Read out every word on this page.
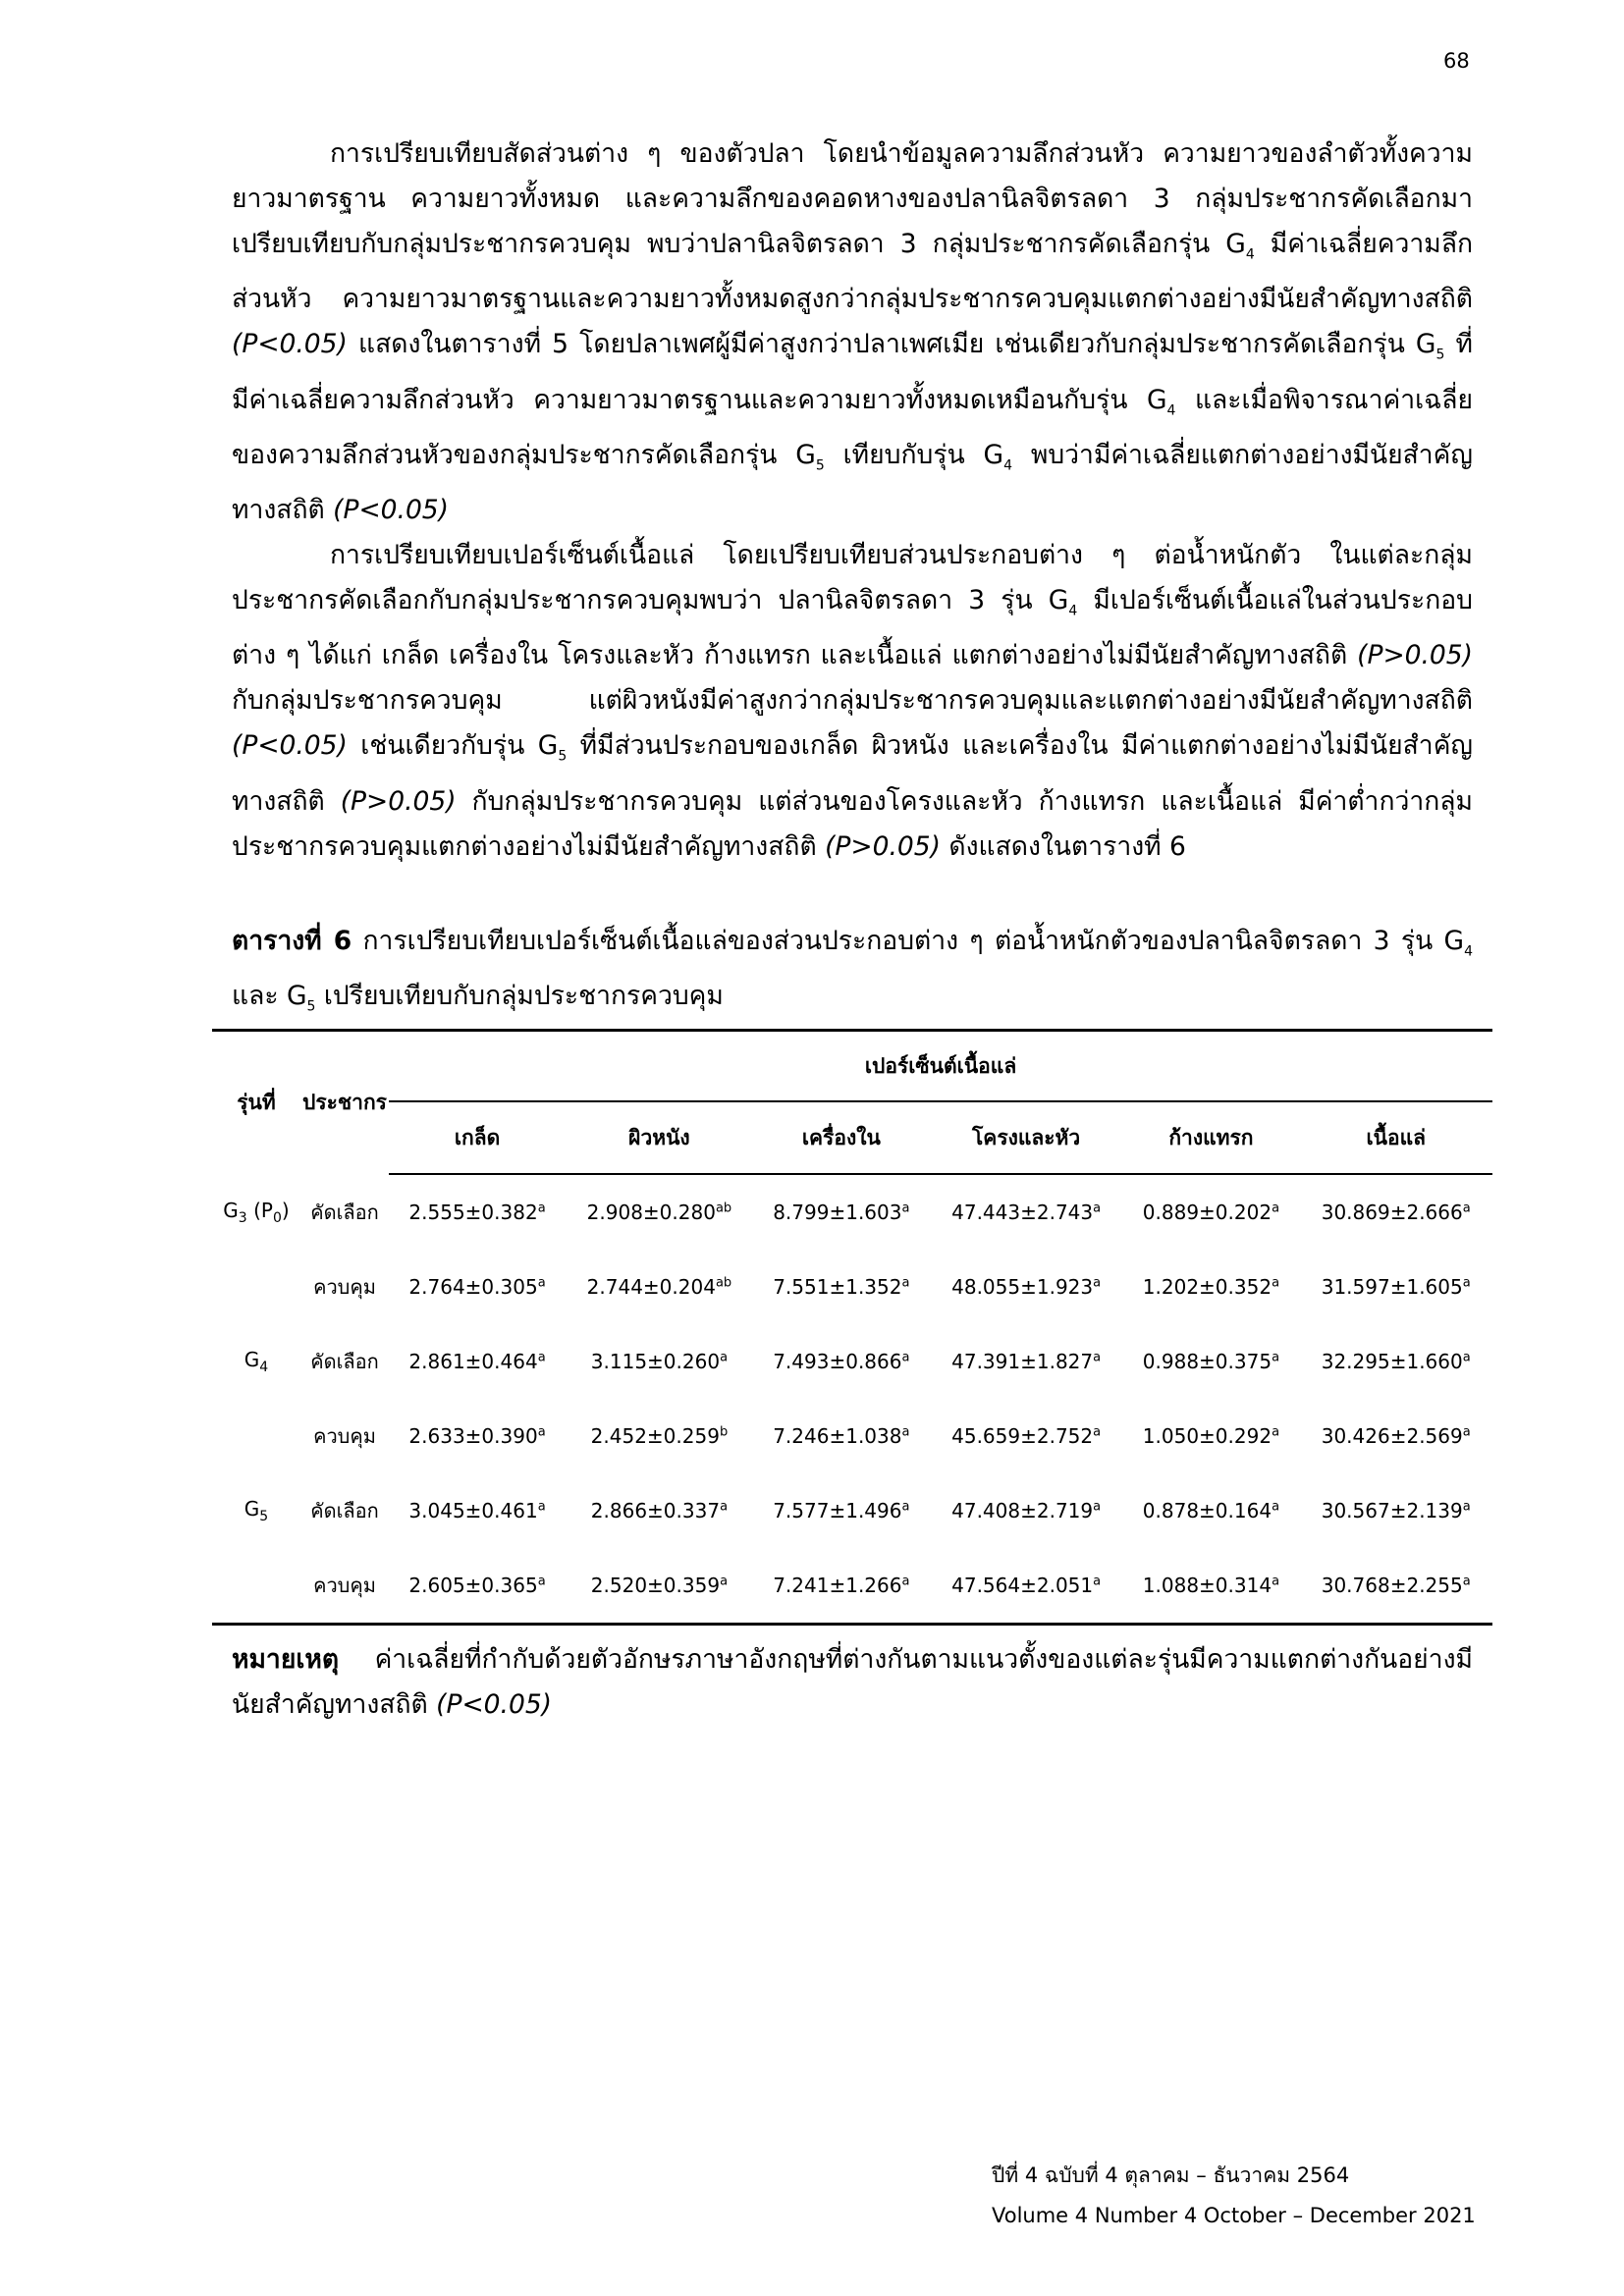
68

การเปรียบเทียบสัดส่วนต่าง ๆ ของตัวปลา โดยนำข้อมูลความลึกส่วนหัว ความยาวของลำตัวทั้งความยาวมาตรฐาน ความยาวทั้งหมด และความลึกของคอดหางของปลานิลจิตรลดา 3 กลุ่มประชากรคัดเลือกมาเปรียบเทียบกับกลุ่มประชากรควบคุม พบว่าปลานิลจิตรลดา 3 กลุ่มประชากรคัดเลือกรุ่น $G_4$ มีค่าเฉลี่ยความลึกส่วนหัว ความยาวมาตรฐานและความยาวทั้งหมดสูงกว่ากลุ่มประชากรควบคุมแตกต่างอย่างมีนัยสำคัญทางสถิติ (P<0.05) แสดงในตารางที่ 5 โดยปลาเพศผู้มีค่าสูงกว่าปลาเพศเมีย เช่นเดียวกับกลุ่มประชากรคัดเลือกรุ่น $G_5$ ที่มีค่าเฉลี่ยความลึกส่วนหัว ความยาวมาตรฐานและความยาวทั้งหมดเหมือนกับรุ่น $G_4$ และเมื่อพิจารณาค่าเฉลี่ยของความลึกส่วนหัวของกลุ่มประชากรคัดเลือกรุ่น $G_5$ เทียบกับรุ่น $G_4$ พบว่ามีค่าเฉลี่ยแตกต่างอย่างมีนัยสำคัญทางสถิติ (P<0.05)

การเปรียบเทียบเปอร์เซ็นต์เนื้อแล่ โดยเปรียบเทียบส่วนประกอบต่าง ๆ ต่อน้ำหนักตัว ในแต่ละกลุ่มประชากรคัดเลือกกับกลุ่มประชากรควบคุมพบว่า ปลานิลจิตรลดา 3 รุ่น $G_4$ มีเปอร์เซ็นต์เนื้อแล่ในส่วนประกอบต่าง ๆ ได้แก่ เกล็ด เครื่องใน โครงและหัว ก้างแทรก และเนื้อแล่ แตกต่างอย่างไม่มีนัยสำคัญทางสถิติ (P>0.05) กับกลุ่มประชากรควบคุม แต่ผิวหนังมีค่าสูงกว่ากลุ่มประชากรควบคุมและแตกต่างอย่างมีนัยสำคัญทางสถิติ (P<0.05) เช่นเดียวกับรุ่น $G_5$ ที่มีส่วนประกอบของเกล็ด ผิวหนัง และเครื่องใน มีค่าแตกต่างอย่างไม่มีนัยสำคัญทางสถิติ (P>0.05) กับกลุ่มประชากรควบคุม แต่ส่วนของโครงและหัว ก้างแทรก และเนื้อแล่ มีค่าต่ำกว่ากลุ่มประชากรควบคุมแตกต่างอย่างไม่มีนัยสำคัญทางสถิติ (P>0.05) ดังแสดงในตารางที่ 6

ตารางที่ 6 การเปรียบเทียบเปอร์เซ็นต์เนื้อแล่ของส่วนประกอบต่าง ๆ ต่อน้ำหนักตัวของปลานิลจิตรลดา 3 รุ่น $G_4$ และ $G_5$ เปรียบเทียบกับกลุ่มประชากรควบคุม
รุ่นที่	ประชากร	เปอร์เซ็นต์เนื้อแล่					
		เกล็ด	ผิวหนัง	เครื่องใน	โครงและหัว	ก้างแทรก	เนื้อแล่
$G_3$ $(P_0)$	คัดเลือก	2.555±0.382$^a$	2.908±0.280$^{ab}$	8.799±1.603$^a$	47.443±2.743$^a$	0.889±0.202$^a$	30.869±2.666$^a$
	ควบคุม	2.764±0.305$^a$	2.744±0.204$^{ab}$	7.551±1.352$^a$	48.055±1.923$^a$	1.202±0.352$^a$	31.597±1.605$^a$
$G_4$	คัดเลือก	2.861±0.464$^a$	3.115±0.260$^a$	7.493±0.866$^a$	47.391±1.827$^a$	0.988±0.375$^a$	32.295±1.660$^a$
	ควบคุม	2.633±0.390$^a$	2.452±0.259$^b$	7.246±1.038$^a$	45.659±2.752$^a$	1.050±0.292$^a$	30.426±2.569$^a$
$G_5$	คัดเลือก	3.045±0.461$^a$	2.866±0.337$^a$	7.577±1.496$^a$	47.408±2.719$^a$	0.878±0.164$^a$	30.567±2.139$^a$
	ควบคุม	2.605±0.365$^a$	2.520±0.359$^a$	7.241±1.266$^a$	47.564±2.051$^a$	1.088±0.314$^a$	30.768±2.255$^a$
หมายเหตุ ค่าเฉลี่ยที่กำกับด้วยตัวอักษรภาษาอังกฤษที่ต่างกันตามแนวตั้งของแต่ละรุ่นมีความแตกต่างกันอย่างมีนัยสำคัญทางสถิติ (P<0.05)
ปีที่ 4 ฉบับที่ 4 ตุลาคม – ธันวาคม 2564
Volume 4 Number 4 October – December 2021
